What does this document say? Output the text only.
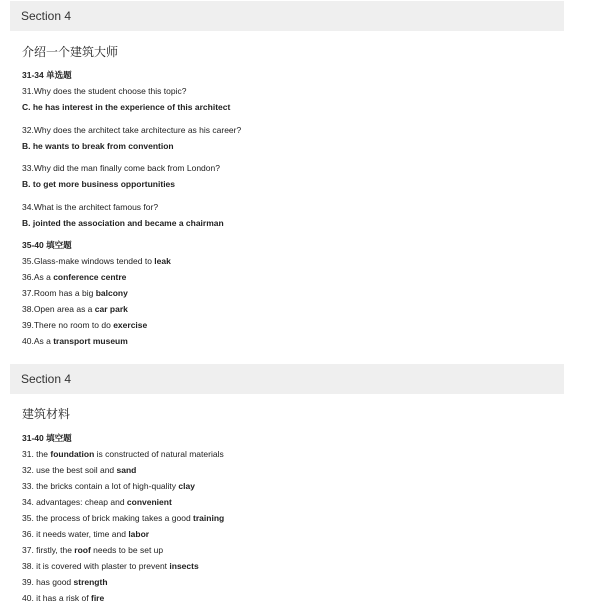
Section 4
介绍一个建筑大师
31-34 单选题
31.Why does the student choose this topic?
C. he has interest in the experience of this architect
32.Why does the architect take architecture as his career?
B. he wants to break from convention
33.Why did the man finally come back from London?
B. to get more business opportunities
34.What is the architect famous for?
B. jointed the association and became a chairman
35-40 填空题
35.Glass-make windows tended to leak
36.As a conference centre
37.Room has a big balcony
38.Open area as a car park
39.There no room to do exercise
40.As a transport museum
Section 4
建筑材料
31-40 填空题
31. the foundation is constructed of natural materials
32. use the best soil and sand
33. the bricks contain a lot of high-quality clay
34. advantages: cheap and convenient
35. the process of brick making takes a good training
36. it needs water, time and labor
37. firstly, the roof needs to be set up
38. it is covered with plaster to prevent insects
39. has good strength
40. it has a risk of fire
